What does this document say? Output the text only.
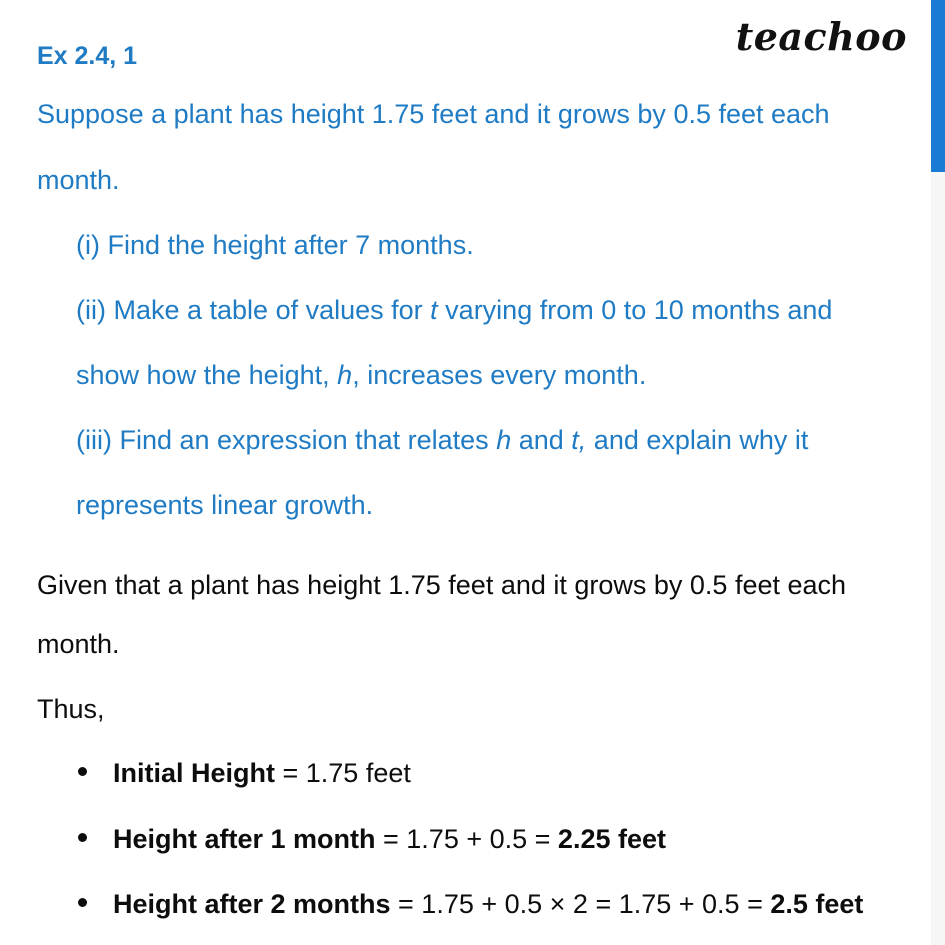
teachoo
Ex 2.4, 1

Suppose a plant has height 1.75 feet and it grows by 0.5 feet each

month.

(i) Find the height after 7 months.

(ii) Make a table of values for t varying from 0 to 10 months and

show how the height, h, increases every month.

(iii) Find an expression that relates h and t, and explain why it

represents linear growth.

Given that a plant has height 1.75 feet and it grows by 0.5 feet each

month.

Thus,

Initial Height = 1.75 feet
Height after 1 month = 1.75 + 0.5 = 2.25 feet
Height after 2 months = 1.75 + 0.5 × 2 = 1.75 + 0.5 = 2.5 feet
